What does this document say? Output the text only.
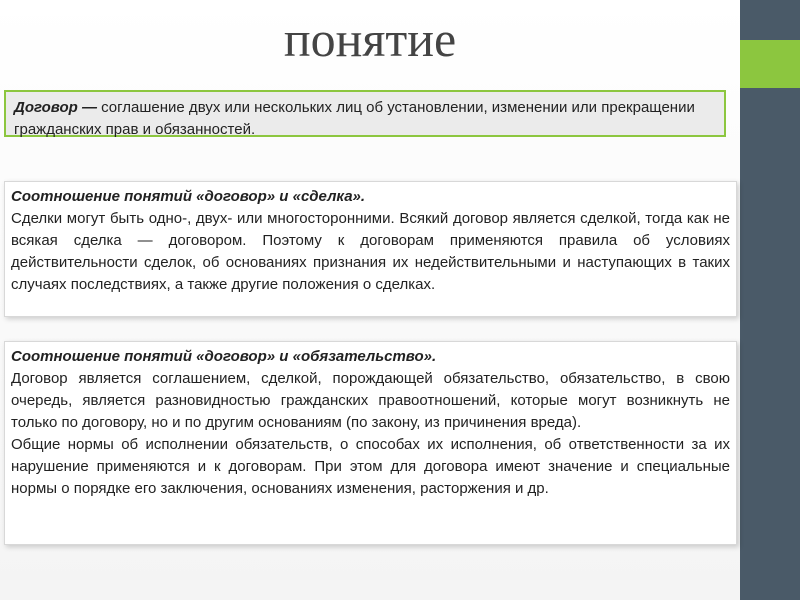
понятие
Договор — соглашение двух или нескольких лиц об установлении, изменении или прекращении гражданских прав и обязанностей.

Соотношение понятий «договор» и «сделка».

Сделки могут быть одно-, двух- или многосторонними. Всякий договор является сделкой, тогда как не всякая сделка — договором. Поэтому к договорам применяются правила об условиях действительности сделок, об основаниях признания их недействительными и наступающих в таких случаях последствиях, а также другие положения о сделках.

Соотношение понятий «договор» и «обязательство».

Договор является соглашением, сделкой, порождающей обязательство, обязательство, в свою очередь, является разновидностью гражданских правоотношений, которые могут возникнуть не только по договору, но и по другим основаниям (по закону, из причинения вреда).

Общие нормы об исполнении обязательств, о способах их исполнения, об ответственности за их нарушение применяются и к договорам. При этом для договора имеют значение и специальные нормы о порядке его заключения, основаниях изменения, расторжения и др.
